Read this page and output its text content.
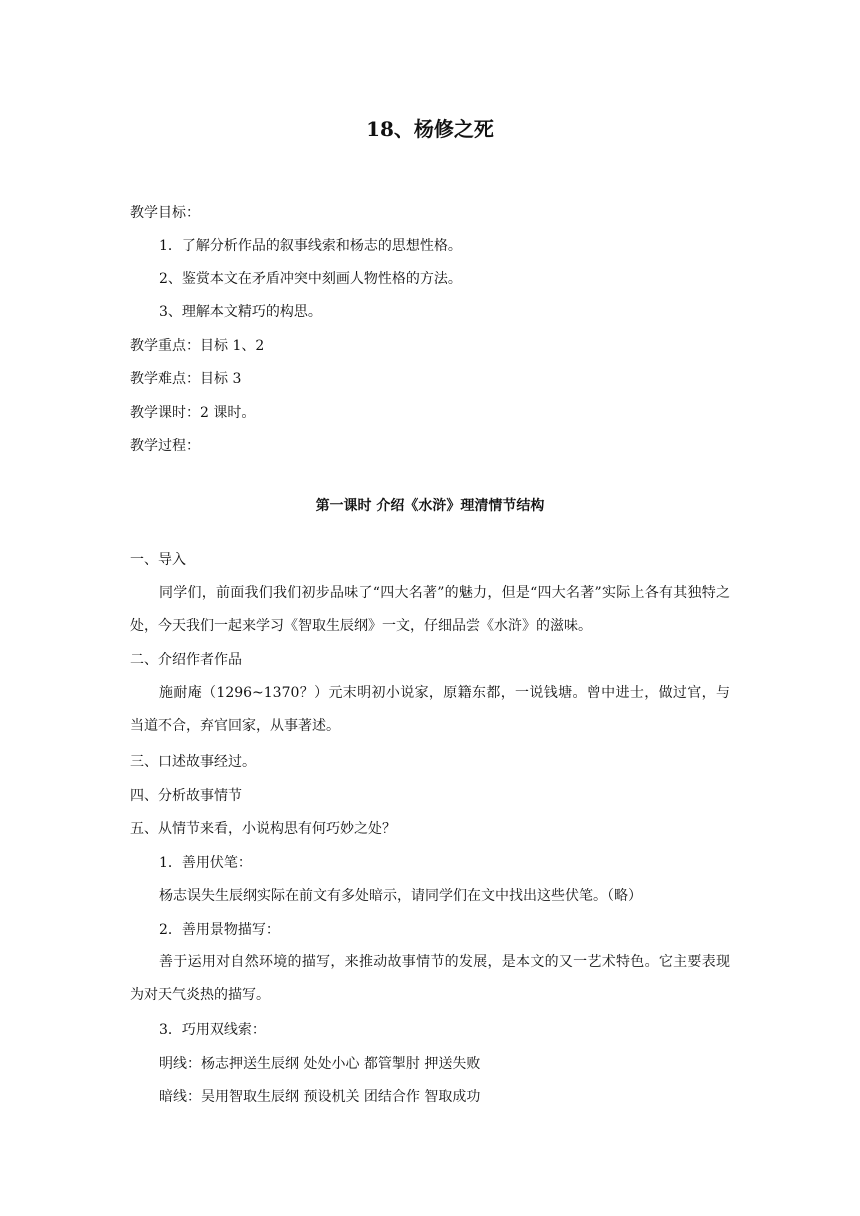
18、杨修之死

教学目标：

1．了解分析作品的叙事线索和杨志的思想性格。

2、鉴赏本文在矛盾冲突中刻画人物性格的方法。

3、理解本文精巧的构思。

教学重点：目标 1、2

教学难点：目标 3

教学课时：2 课时。

教学过程：

第一课时 介绍《水浒》理清情节结构

一、导入

同学们，前面我们我们初步品味了“四大名著”的魅力，但是“四大名著”实际上各有其独特之处，今天我们一起来学习《智取生辰纲》一文，仔细品尝《水浒》的滋味。

二、介绍作者作品

施耐庵（1296~1370？）元末明初小说家，原籍东都，一说钱塘。曾中进士，做过官，与当道不合，弃官回家，从事著述。

三、口述故事经过。

四、分析故事情节

五、从情节来看，小说构思有何巧妙之处？

1．善用伏笔：

杨志误失生辰纲实际在前文有多处暗示，请同学们在文中找出这些伏笔。（略）

2．善用景物描写：

善于运用对自然环境的描写，来推动故事情节的发展，是本文的又一艺术特色。它主要表现为对天气炎热的描写。

3．巧用双线索：

明线：杨志押送生辰纲 处处小心 都管掣肘 押送失败

暗线：吴用智取生辰纲 预设机关 团结合作 智取成功
